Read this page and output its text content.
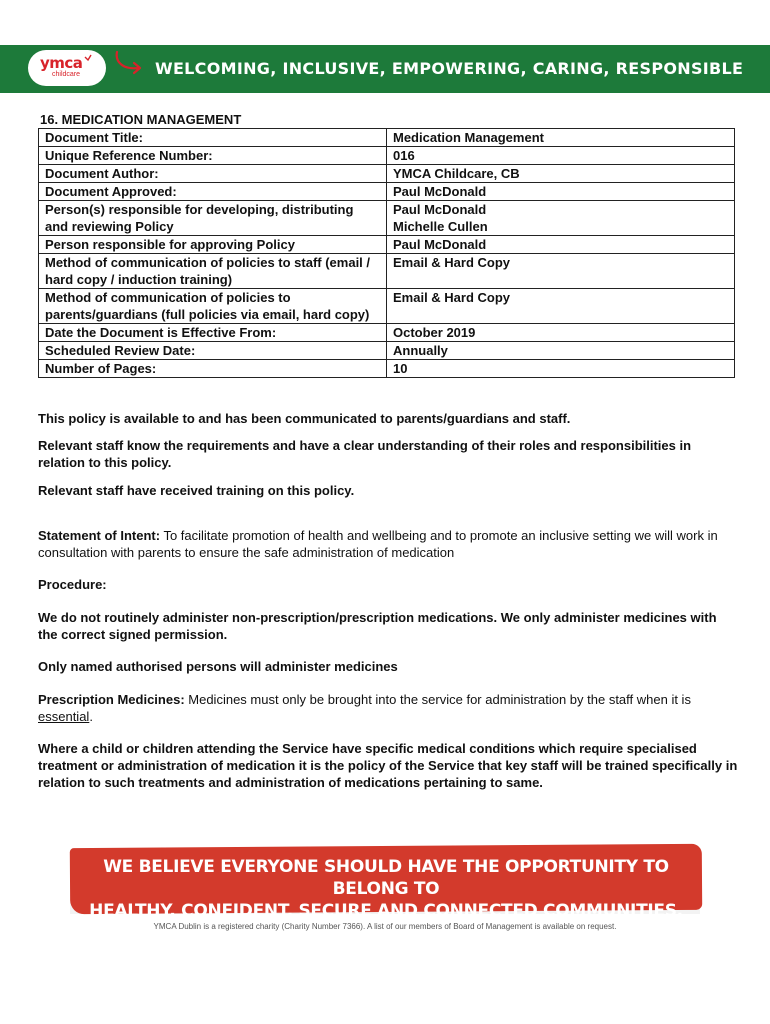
ymca
childcare	WELCOMING, INCLUSIVE, EMPOWERING, CARING, RESPONSIBLE
16. MEDICATION MANAGEMENT
Document Title:	Medication Management
Unique Reference Number:	016
Document Author:	YMCA Childcare, CB
Document Approved:	Paul McDonald
Person(s) responsible for developing, distributing and reviewing Policy	Paul McDonald
Michelle Cullen

Person responsible for approving Policy	Paul McDonald
Method of communication of policies to staff (email / hard copy / induction training)	Email & Hard Copy
Method of communication of policies to parents/guardians (full policies via email, hard copy)	Email & Hard Copy
Date the Document is Effective From:	October 2019
Scheduled Review Date:	Annually
Number of Pages:	10
This policy is available to and has been communicated to parents/guardians and staff.
Relevant staff know the requirements and have a clear understanding of their roles and responsibilities in relation to this policy.
Relevant staff have received training on this policy.
Statement of Intent: To facilitate promotion of health and wellbeing and to promote an inclusive setting we will work in consultation with parents to ensure the safe administration of medication
Procedure:
We do not routinely administer non-prescription/prescription medications. We only administer medicines with the correct signed permission.
Only named authorised persons will administer medicines
Prescription Medicines: Medicines must only be brought into the service for administration by the staff when it is essential.
Where a child or children attending the Service have specific medical conditions which require specialised treatment or administration of medication it is the policy of the Service that key staff will be trained specifically in relation to such treatments and administration of medications pertaining to same.
WE BELIEVE EVERYONE SHOULD HAVE THE OPPORTUNITY TO BELONG TO
HEALTHY, CONFIDENT, SECURE AND CONNECTED COMMUNITIES.
YMCA Dublin is a registered charity (Charity Number 7366). A list of our members of Board of Management is available on request.
